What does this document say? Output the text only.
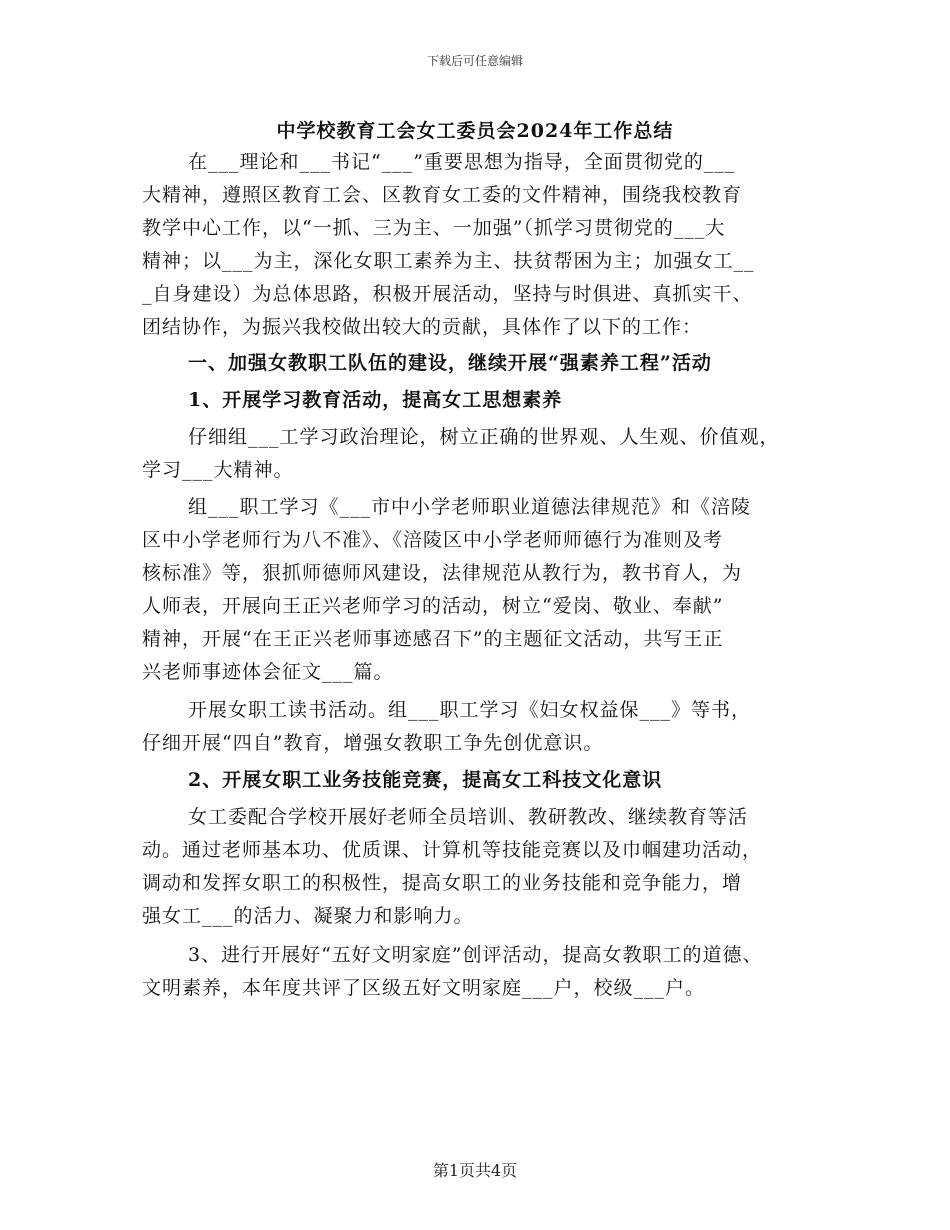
下载后可任意编辑
中学校教育工会女工委员会2024年工作总结

在___理论和___书记“___”重要思想为指导，全面贯彻党的___

大精神，遵照区教育工会、区教育女工委的文件精神，围绕我校教育

教学中心工作，以“一抓、三为主、一加强”（抓学习贯彻党的___大

精神；以___为主，深化女职工素养为主、扶贫帮困为主；加强女工__

_自身建设）为总体思路，积极开展活动，坚持与时俱进、真抓实干、

团结协作，为振兴我校做出较大的贡献，具体作了以下的工作：

一、加强女教职工队伍的建设，继续开展“强素养工程”活动

1、开展学习教育活动，提高女工思想素养

仔细组___工学习政治理论，树立正确的世界观、人生观、价值观，

学习___大精神。

组___职工学习《___市中小学老师职业道德法律规范》和《涪陵

区中小学老师行为八不准》、《涪陵区中小学老师师德行为准则及考

核标准》等，狠抓师德师风建设，法律规范从教行为，教书育人，为

人师表，开展向王正兴老师学习的活动，树立“爱岗、敬业、奉献”

精神，开展“在王正兴老师事迹感召下”的主题征文活动，共写王正

兴老师事迹体会征文___篇。

开展女职工读书活动。组___职工学习《妇女权益保___》等书，

仔细开展“四自”教育，增强女教职工争先创优意识。

2、开展女职工业务技能竞赛，提高女工科技文化意识

女工委配合学校开展好老师全员培训、教研教改、继续教育等活

动。通过老师基本功、优质课、计算机等技能竞赛以及巾帼建功活动，

调动和发挥女职工的积极性，提高女职工的业务技能和竞争能力，增

强女工___的活力、凝聚力和影响力。

3、进行开展好“五好文明家庭”创评活动，提高女教职工的道德、

文明素养，本年度共评了区级五好文明家庭___户，校级___户。

第1页共4页
